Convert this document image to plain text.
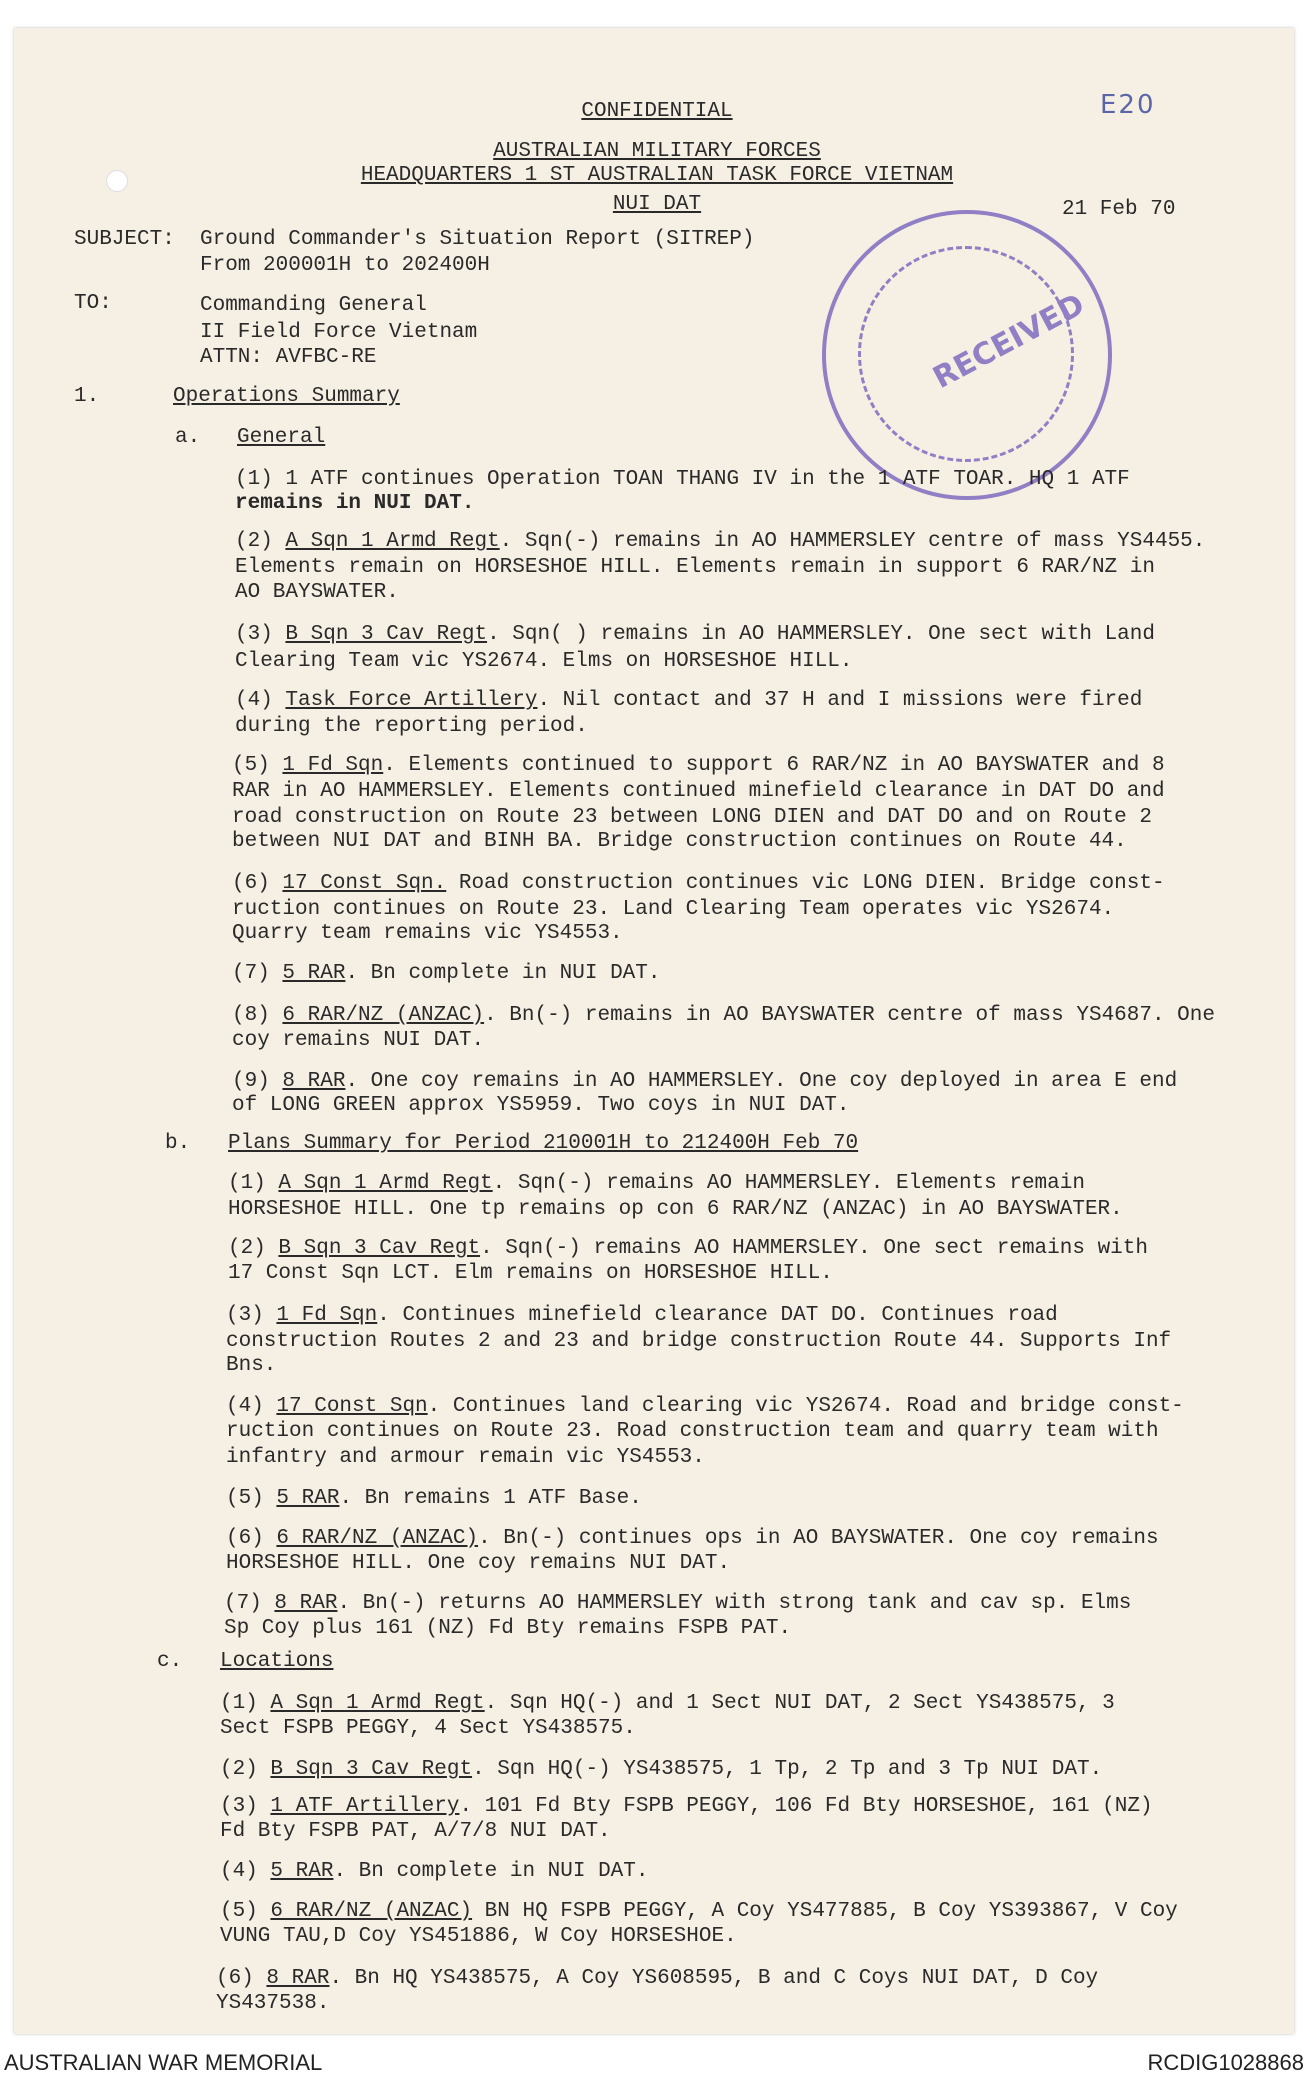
E20
CONFIDENTIAL
AUSTRALIAN MILITARY FORCES
HEADQUARTERS 1 ST AUSTRALIAN TASK FORCE VIETNAM
NUI DAT	21 Feb 70
RECEIVED
SUBJECT: Ground Commander's Situation Report (SITREP)
From 200001H to 202400H
TO:	Commanding General
II Field Force Vietnam
ATTN: AVFBC-RE
1.	Operations Summary
a. General
(1) 1 ATF continues Operation TOAN THANG IV in the 1 ATF TOAR. HQ 1 ATF
remains in NUI DAT.
(2) A Sqn 1 Armd Regt. Sqn(-) remains in AO HAMMERSLEY centre of mass YS4455.
Elements remain on HORSESHOE HILL. Elements remain in support 6 RAR/NZ in
AO BAYSWATER.
(3) B Sqn 3 Cav Regt. Sqn( ) remains in AO HAMMERSLEY. One sect with Land
Clearing Team vic YS2674. Elms on HORSESHOE HILL.
(4) Task Force Artillery. Nil contact and 37 H and I missions were fired
during the reporting period.
(5) 1 Fd Sqn. Elements continued to support 6 RAR/NZ in AO BAYSWATER and 8
RAR in AO HAMMERSLEY. Elements continued minefield clearance in DAT DO and
road construction on Route 23 between LONG DIEN and DAT DO and on Route 2
between NUI DAT and BINH BA. Bridge construction continues on Route 44.
(6) 17 Const Sqn. Road construction continues vic LONG DIEN. Bridge const-
ruction continues on Route 23. Land Clearing Team operates vic YS2674.
Quarry team remains vic YS4553.
(7) 5 RAR. Bn complete in NUI DAT.
(8) 6 RAR/NZ (ANZAC). Bn(-) remains in AO BAYSWATER centre of mass YS4687. One
coy remains NUI DAT.
(9) 8 RAR. One coy remains in AO HAMMERSLEY. One coy deployed in area E end
of LONG GREEN approx YS5959. Two coys in NUI DAT.
b. Plans Summary for Period 210001H to 212400H Feb 70
(1) A Sqn 1 Armd Regt. Sqn(-) remains AO HAMMERSLEY. Elements remain
HORSESHOE HILL. One tp remains op con 6 RAR/NZ (ANZAC) in AO BAYSWATER.
(2) B Sqn 3 Cav Regt. Sqn(-) remains AO HAMMERSLEY. One sect remains with
17 Const Sqn LCT. Elm remains on HORSESHOE HILL.
(3) 1 Fd Sqn. Continues minefield clearance DAT DO. Continues road
construction Routes 2 and 23 and bridge construction Route 44. Supports Inf
Bns.
(4) 17 Const Sqn. Continues land clearing vic YS2674. Road and bridge const-
ruction continues on Route 23. Road construction team and quarry team with
infantry and armour remain vic YS4553.
(5) 5 RAR. Bn remains 1 ATF Base.
(6) 6 RAR/NZ (ANZAC). Bn(-) continues ops in AO BAYSWATER. One coy remains
HORSESHOE HILL. One coy remains NUI DAT.
(7) 8 RAR. Bn(-) returns AO HAMMERSLEY with strong tank and cav sp. Elms
Sp Coy plus 161 (NZ) Fd Bty remains FSPB PAT.
c. Locations
(1) A Sqn 1 Armd Regt. Sqn HQ(-) and 1 Sect NUI DAT, 2 Sect YS438575, 3
Sect FSPB PEGGY, 4 Sect YS438575.
(2) B Sqn 3 Cav Regt. Sqn HQ(-) YS438575, 1 Tp, 2 Tp and 3 Tp NUI DAT.
(3) 1 ATF Artillery. 101 Fd Bty FSPB PEGGY, 106 Fd Bty HORSESHOE, 161 (NZ)
Fd Bty FSPB PAT, A/7/8 NUI DAT.
(4) 5 RAR. Bn complete in NUI DAT.
(5) 6 RAR/NZ (ANZAC) BN HQ FSPB PEGGY, A Coy YS477885, B Coy YS393867, V Coy
VUNG TAU,D Coy YS451886, W Coy HORSESHOE.
(6) 8 RAR. Bn HQ YS438575, A Coy YS608595, B and C Coys NUI DAT, D Coy
YS437538.
AUSTRALIAN WAR MEMORIAL	RCDIG1028868
